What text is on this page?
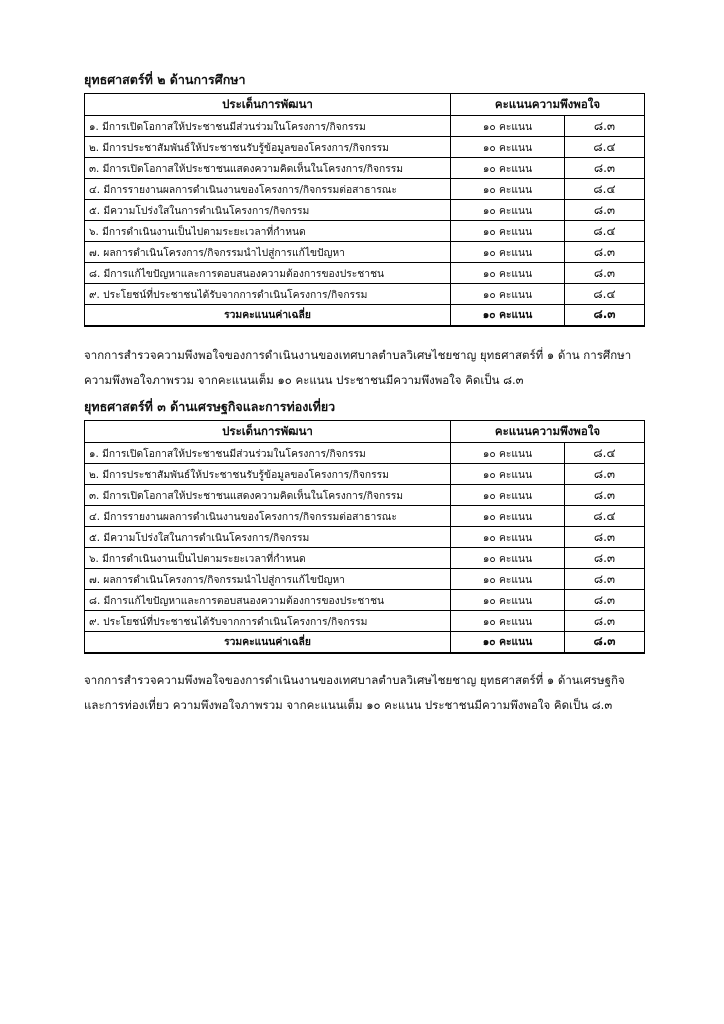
ยุทธศาสตร์ที่ ๒ ด้านการศึกษา
ประเด็นการพัฒนา	คะแนนความพึงพอใจ	
๑. มีการเปิดโอกาสให้ประชาชนมีส่วนร่วมในโครงการ/กิจกรรม	๑๐ คะแนน	๘.๓
๒. มีการประชาสัมพันธ์ให้ประชาชนรับรู้ข้อมูลของโครงการ/กิจกรรม	๑๐ คะแนน	๘.๔
๓. มีการเปิดโอกาสให้ประชาชนแสดงความคิดเห็นในโครงการ/กิจกรรม	๑๐ คะแนน	๘.๓
๔. มีการรายงานผลการดำเนินงานของโครงการ/กิจกรรมต่อสาธารณะ	๑๐ คะแนน	๘.๔
๕. มีความโปร่งใสในการดำเนินโครงการ/กิจกรรม	๑๐ คะแนน	๘.๓
๖. มีการดำเนินงานเป็นไปตามระยะเวลาที่กำหนด	๑๐ คะแนน	๘.๔
๗. ผลการดำเนินโครงการ/กิจกรรมนำไปสู่การแก้ไขปัญหา	๑๐ คะแนน	๘.๓
๘. มีการแก้ไขปัญหาและการตอบสนองความต้องการของประชาชน	๑๐ คะแนน	๘.๓
๙. ประโยชน์ที่ประชาชนได้รับจากการดำเนินโครงการ/กิจกรรม	๑๐ คะแนน	๘.๔
รวมคะแนนค่าเฉลี่ย	๑๐ คะแนน	๘.๓
จากการสำรวจความพึงพอใจของการดำเนินงานของเทศบาลตำบลวิเศษไชยชาญ ยุทธศาสตร์ที่ ๑ ด้าน การศึกษา
ความพึงพอใจภาพรวม จากคะแนนเต็ม ๑๐ คะแนน ประชาชนมีความพึงพอใจ คิดเป็น ๘.๓
ยุทธศาสตร์ที่ ๓ ด้านเศรษฐกิจและการท่องเที่ยว
ประเด็นการพัฒนา	คะแนนความพึงพอใจ	
๑. มีการเปิดโอกาสให้ประชาชนมีส่วนร่วมในโครงการ/กิจกรรม	๑๐ คะแนน	๘.๔
๒. มีการประชาสัมพันธ์ให้ประชาชนรับรู้ข้อมูลของโครงการ/กิจกรรม	๑๐ คะแนน	๘.๓
๓. มีการเปิดโอกาสให้ประชาชนแสดงความคิดเห็นในโครงการ/กิจกรรม	๑๐ คะแนน	๘.๓
๔. มีการรายงานผลการดำเนินงานของโครงการ/กิจกรรมต่อสาธารณะ	๑๐ คะแนน	๘.๔
๕. มีความโปร่งใสในการดำเนินโครงการ/กิจกรรม	๑๐ คะแนน	๘.๓
๖. มีการดำเนินงานเป็นไปตามระยะเวลาที่กำหนด	๑๐ คะแนน	๘.๓
๗. ผลการดำเนินโครงการ/กิจกรรมนำไปสู่การแก้ไขปัญหา	๑๐ คะแนน	๘.๓
๘. มีการแก้ไขปัญหาและการตอบสนองความต้องการของประชาชน	๑๐ คะแนน	๘.๓
๙. ประโยชน์ที่ประชาชนได้รับจากการดำเนินโครงการ/กิจกรรม	๑๐ คะแนน	๘.๓
รวมคะแนนค่าเฉลี่ย	๑๐ คะแนน	๘.๓
จากการสำรวจความพึงพอใจของการดำเนินงานของเทศบาลตำบลวิเศษไชยชาญ ยุทธศาสตร์ที่ ๑ ด้านเศรษฐกิจ
และการท่องเที่ยว ความพึงพอใจภาพรวม จากคะแนนเต็ม ๑๐ คะแนน ประชาชนมีความพึงพอใจ คิดเป็น ๘.๓
